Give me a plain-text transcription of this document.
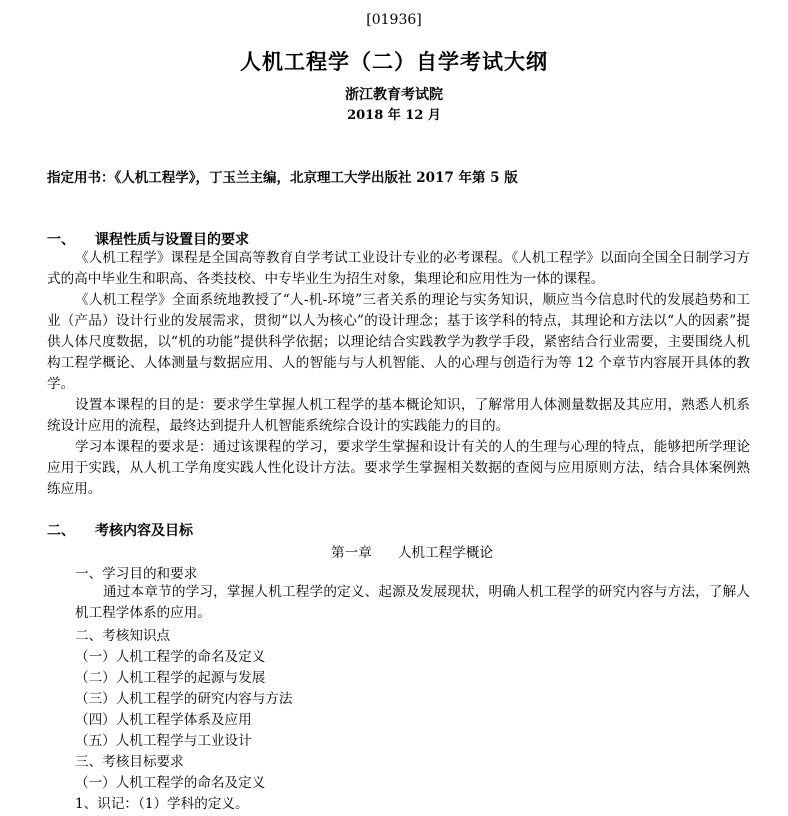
[01936]
人机工程学（二）自学考试大纲
浙江教育考试院
2018 年 12 月
指定用书：《人机工程学》，丁玉兰主编，北京理工大学出版社 2017 年第 5 版
一、 课程性质与设置目的要求

《人机工程学》课程是全国高等教育自学考试工业设计专业的必考课程。《人机工程学》以面向全国全日制学习方式的高中毕业生和职高、各类技校、中专毕业生为招生对象，集理论和应用性为一体的课程。

《人机工程学》全面系统地教授了“人-机-环境”三者关系的理论与实务知识，顺应当今信息时代的发展趋势和工业（产品）设计行业的发展需求，贯彻“以人为核心”的设计理念；基于该学科的特点，其理论和方法以“人的因素”提供人体尺度数据，以“机的功能”提供科学依据；以理论结合实践教学为教学手段，紧密结合行业需要，主要围绕人机构工程学概论、人体测量与数据应用、人的智能与与人机智能、人的心理与创造行为等 12 个章节内容展开具体的教学。

设置本课程的目的是：要求学生掌握人机工程学的基本概论知识，了解常用人体测量数据及其应用，熟悉人机系统设计应用的流程，最终达到提升人机智能系统综合设计的实践能力的目的。

学习本课程的要求是：通过该课程的学习，要求学生掌握和设计有关的人的生理与心理的特点，能够把所学理论应用于实践，从人机工学角度实践人性化设计方法。要求学生掌握相关数据的查阅与应用原则方法，结合具体案例熟练应用。

二、 考核内容及目标
第一章 人机工程学概论
一、学习目的和要求

通过本章节的学习，掌握人机工程学的定义、起源及发展现状，明确人机工程学的研究内容与方法，了解人机工程学体系的应用。

二、考核知识点
（一）人机工程学的命名及定义
（二）人机工程学的起源与发展
（三）人机工程学的研究内容与方法
（四）人机工程学体系及应用
（五）人机工程学与工业设计
三、考核目标要求
（一）人机工程学的命名及定义
1、识记：（1）学科的定义。
